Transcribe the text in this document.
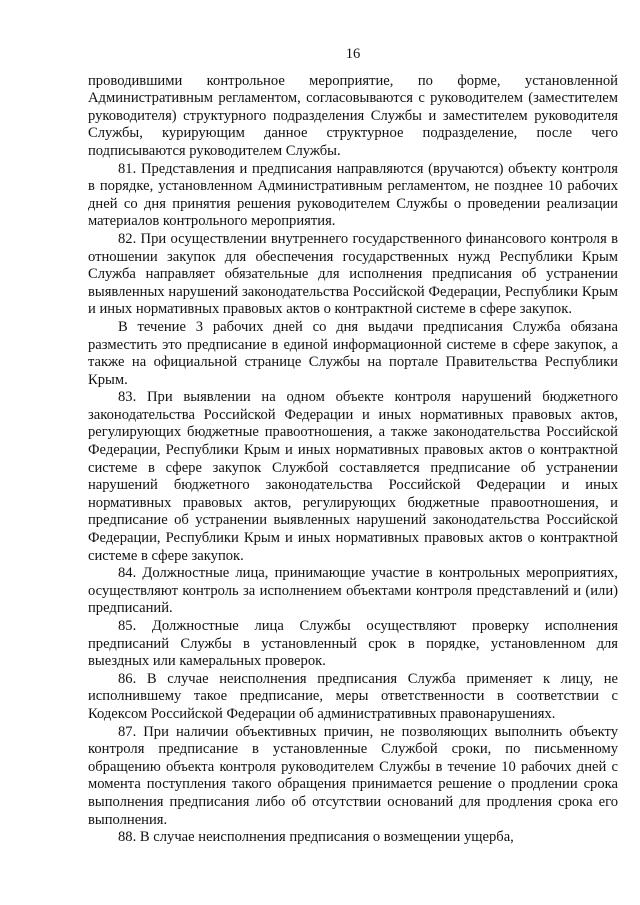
16

проводившими контрольное мероприятие, по форме, установленной Административным регламентом, согласовываются с руководителем (заместителем руководителя) структурного подразделения Службы и заместителем руководителя Службы, курирующим данное структурное подразделение, после чего подписываются руководителем Службы.

81. Представления и предписания направляются (вручаются) объекту контроля в порядке, установленном Административным регламентом, не позднее 10 рабочих дней со дня принятия решения руководителем Службы о проведении реализации материалов контрольного мероприятия.

82. При осуществлении внутреннего государственного финансового контроля в отношении закупок для обеспечения государственных нужд Республики Крым Служба направляет обязательные для исполнения предписания об устранении выявленных нарушений законодательства Российской Федерации, Республики Крым и иных нормативных правовых актов о контрактной системе в сфере закупок.

В течение 3 рабочих дней со дня выдачи предписания Служба обязана разместить это предписание в единой информационной системе в сфере закупок, а также на официальной странице Службы на портале Правительства Республики Крым.

83. При выявлении на одном объекте контроля нарушений бюджетного законодательства Российской Федерации и иных нормативных правовых актов, регулирующих бюджетные правоотношения, а также законодательства Российской Федерации, Республики Крым и иных нормативных правовых актов о контрактной системе в сфере закупок Службой составляется предписание об устранении нарушений бюджетного законодательства Российской Федерации и иных нормативных правовых актов, регулирующих бюджетные правоотношения, и предписание об устранении выявленных нарушений законодательства Российской Федерации, Республики Крым и иных нормативных правовых актов о контрактной системе в сфере закупок.

84. Должностные лица, принимающие участие в контрольных мероприятиях, осуществляют контроль за исполнением объектами контроля представлений и (или) предписаний.

85. Должностные лица Службы осуществляют проверку исполнения предписаний Службы в установленный срок в порядке, установленном для выездных или камеральных проверок.

86. В случае неисполнения предписания Служба применяет к лицу, не исполнившему такое предписание, меры ответственности в соответствии с Кодексом Российской Федерации об административных правонарушениях.

87. При наличии объективных причин, не позволяющих выполнить объекту контроля предписание в установленные Службой сроки, по письменному обращению объекта контроля руководителем Службы в течение 10 рабочих дней с момента поступления такого обращения принимается решение о продлении срока выполнения предписания либо об отсутствии оснований для продления срока его выполнения.

88. В случае неисполнения предписания о возмещении ущерба,
